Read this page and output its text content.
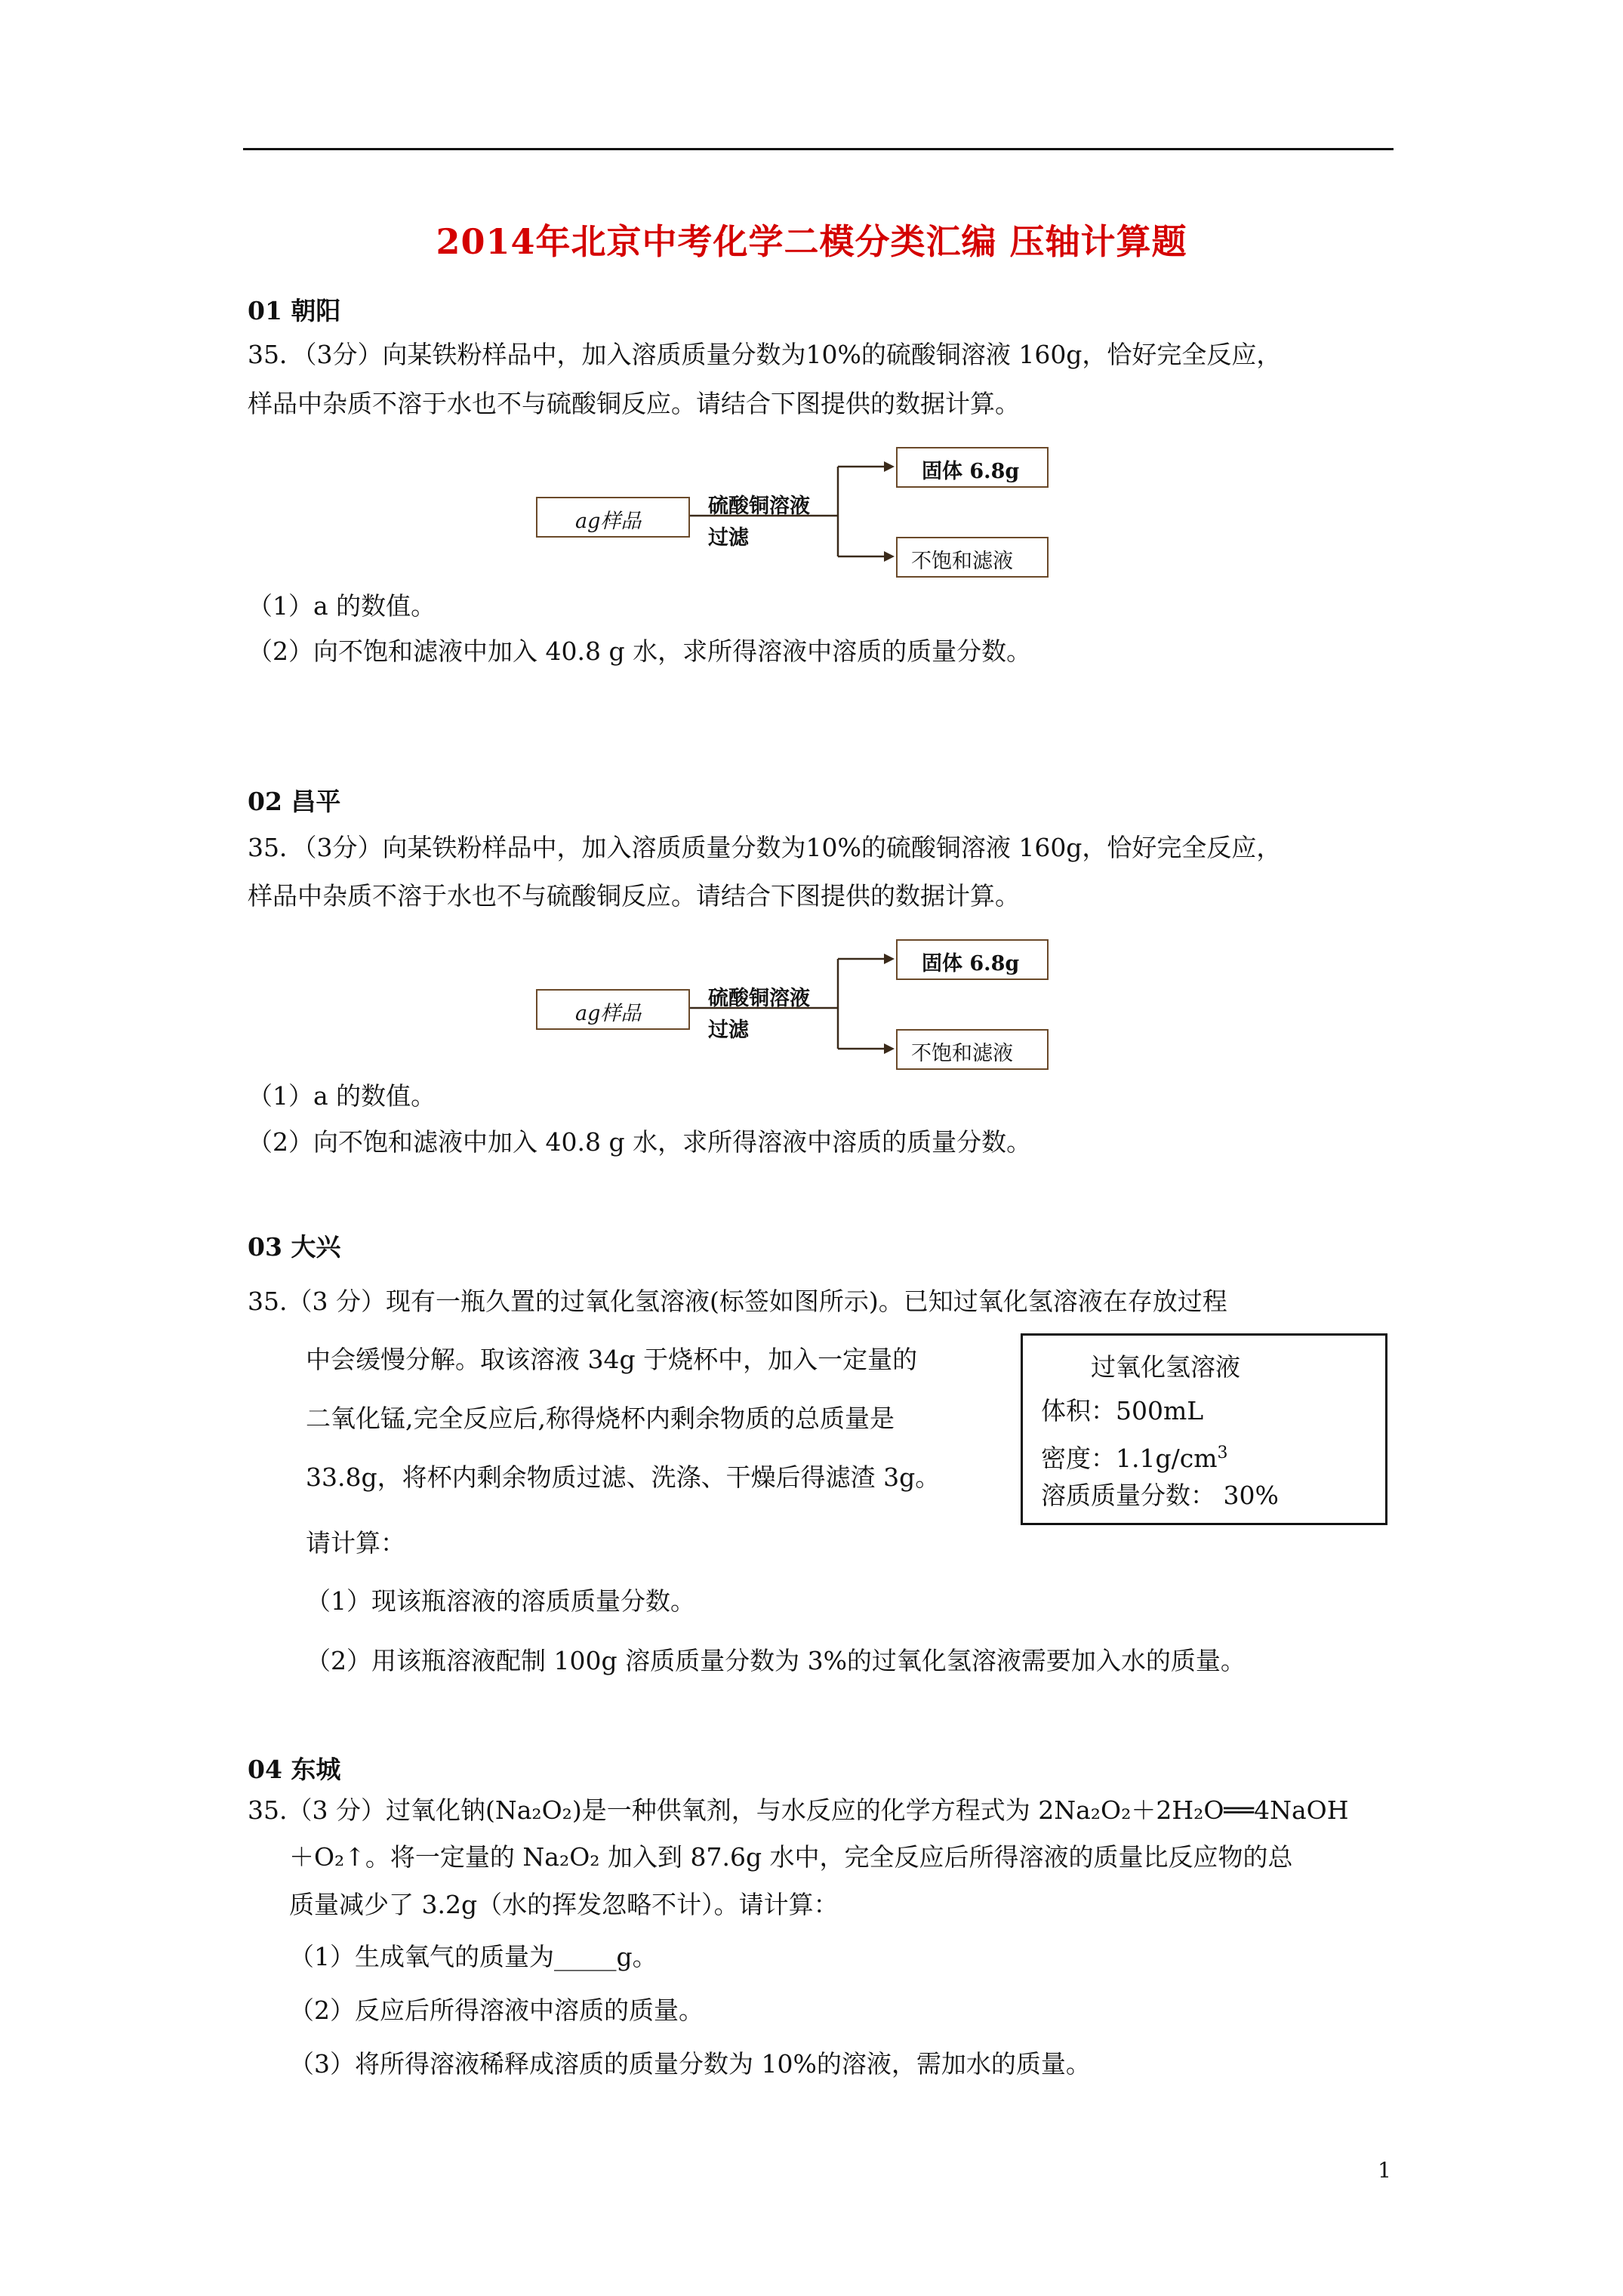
2014年北京中考化学二模分类汇编 压轴计算题
01 朝阳
35．（3分）向某铁粉样品中，加入溶质质量分数为10%的硫酸铜溶液 160g，恰好完全反应，
样品中杂质不溶于水也不与硫酸铜反应。请结合下图提供的数据计算。
ag样品
硫酸铜溶液
过滤
固体 6.8g
不饱和滤液
（1）a 的数值。
（2）向不饱和滤液中加入 40.8 g 水，求所得溶液中溶质的质量分数。
02 昌平
35．（3分）向某铁粉样品中，加入溶质质量分数为10%的硫酸铜溶液 160g，恰好完全反应，
样品中杂质不溶于水也不与硫酸铜反应。请结合下图提供的数据计算。
ag样品
硫酸铜溶液
过滤
固体 6.8g
不饱和滤液
（1）a 的数值。
（2）向不饱和滤液中加入 40.8 g 水，求所得溶液中溶质的质量分数。
03 大兴
35.（3 分）现有一瓶久置的过氧化氢溶液(标签如图所示)。已知过氧化氢溶液在存放过程
中会缓慢分解。取该溶液 34g 于烧杯中，加入一定量的
二氧化锰,完全反应后,称得烧杯内剩余物质的总质量是
33.8g，将杯内剩余物质过滤、洗涤、干燥后得滤渣 3g。
请计算：
（1）现该瓶溶液的溶质质量分数。
（2）用该瓶溶液配制 100g 溶质质量分数为 3%的过氧化氢溶液需要加入水的质量。
过氧化氢溶液
体积：500mL
密度：$1.1g/cm^3$
溶质质量分数： 30%
04 东城
35.（3 分）过氧化钠(Na₂O₂)是一种供氧剂，与水反应的化学方程式为 2Na₂O₂＋2H₂O══4NaOH
＋O₂↑。将一定量的 Na₂O₂ 加入到 87.6g 水中，完全反应后所得溶液的质量比反应物的总
质量减少了 3.2g（水的挥发忽略不计）。请计算：
（1）生成氧气的质量为_____g。
（2）反应后所得溶液中溶质的质量。
（3）将所得溶液稀释成溶质的质量分数为 10%的溶液，需加水的质量。
1
